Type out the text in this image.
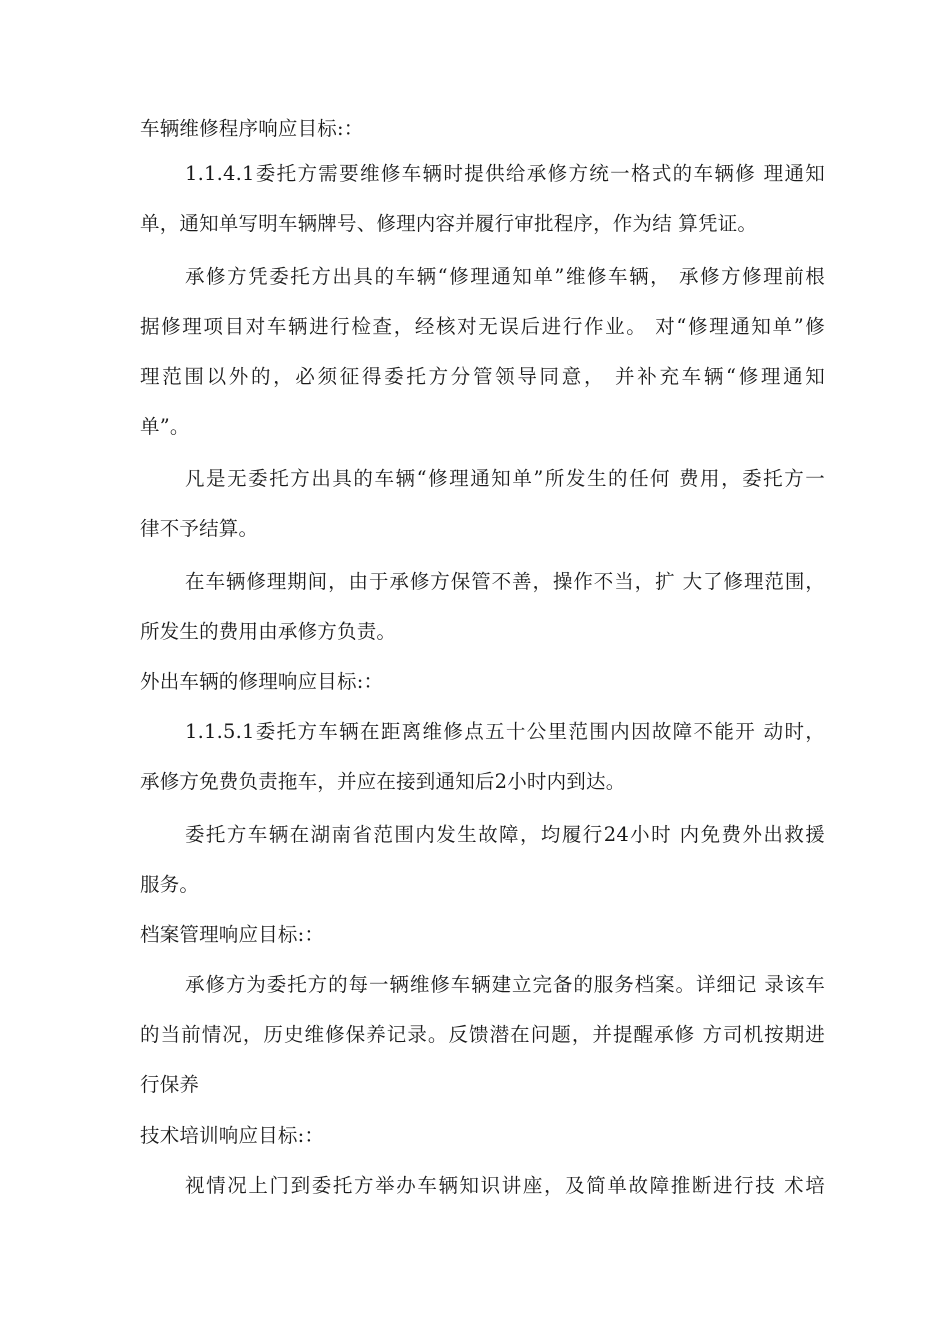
车辆维修程序响应目标:：
1.1.4.1委托方需要维修车辆时提供给承修方统一格式的车辆修 理通知
单，通知单写明车辆牌号、修理内容并履行审批程序，作为结 算凭证。
承修方凭委托方出具的车辆“修理通知单”维修车辆， 承修方修理前根
据修理项目对车辆进行检查，经核对无误后进行作业。 对“修理通知单”修
理范围以外的，必须征得委托方分管领导同意， 并补充车辆“修理通知
单”。
凡是无委托方出具的车辆“修理通知单”所发生的任何 费用，委托方一
律不予结算。
在车辆修理期间，由于承修方保管不善，操作不当，扩 大了修理范围，
所发生的费用由承修方负责。
外出车辆的修理响应目标:：
1.1.5.1委托方车辆在距离维修点五十公里范围内因故障不能开 动时，
承修方免费负责拖车，并应在接到通知后2小时内到达。
委托方车辆在湖南省范围内发生故障，均履行24小时 内免费外出救援
服务。
档案管理响应目标:：
承修方为委托方的每一辆维修车辆建立完备的服务档案。详细记 录该车
的当前情况，历史维修保养记录。反馈潜在问题，并提醒承修 方司机按期进
行保养
技术培训响应目标:：
视情况上门到委托方举办车辆知识讲座，及简单故障推断进行技 术培
